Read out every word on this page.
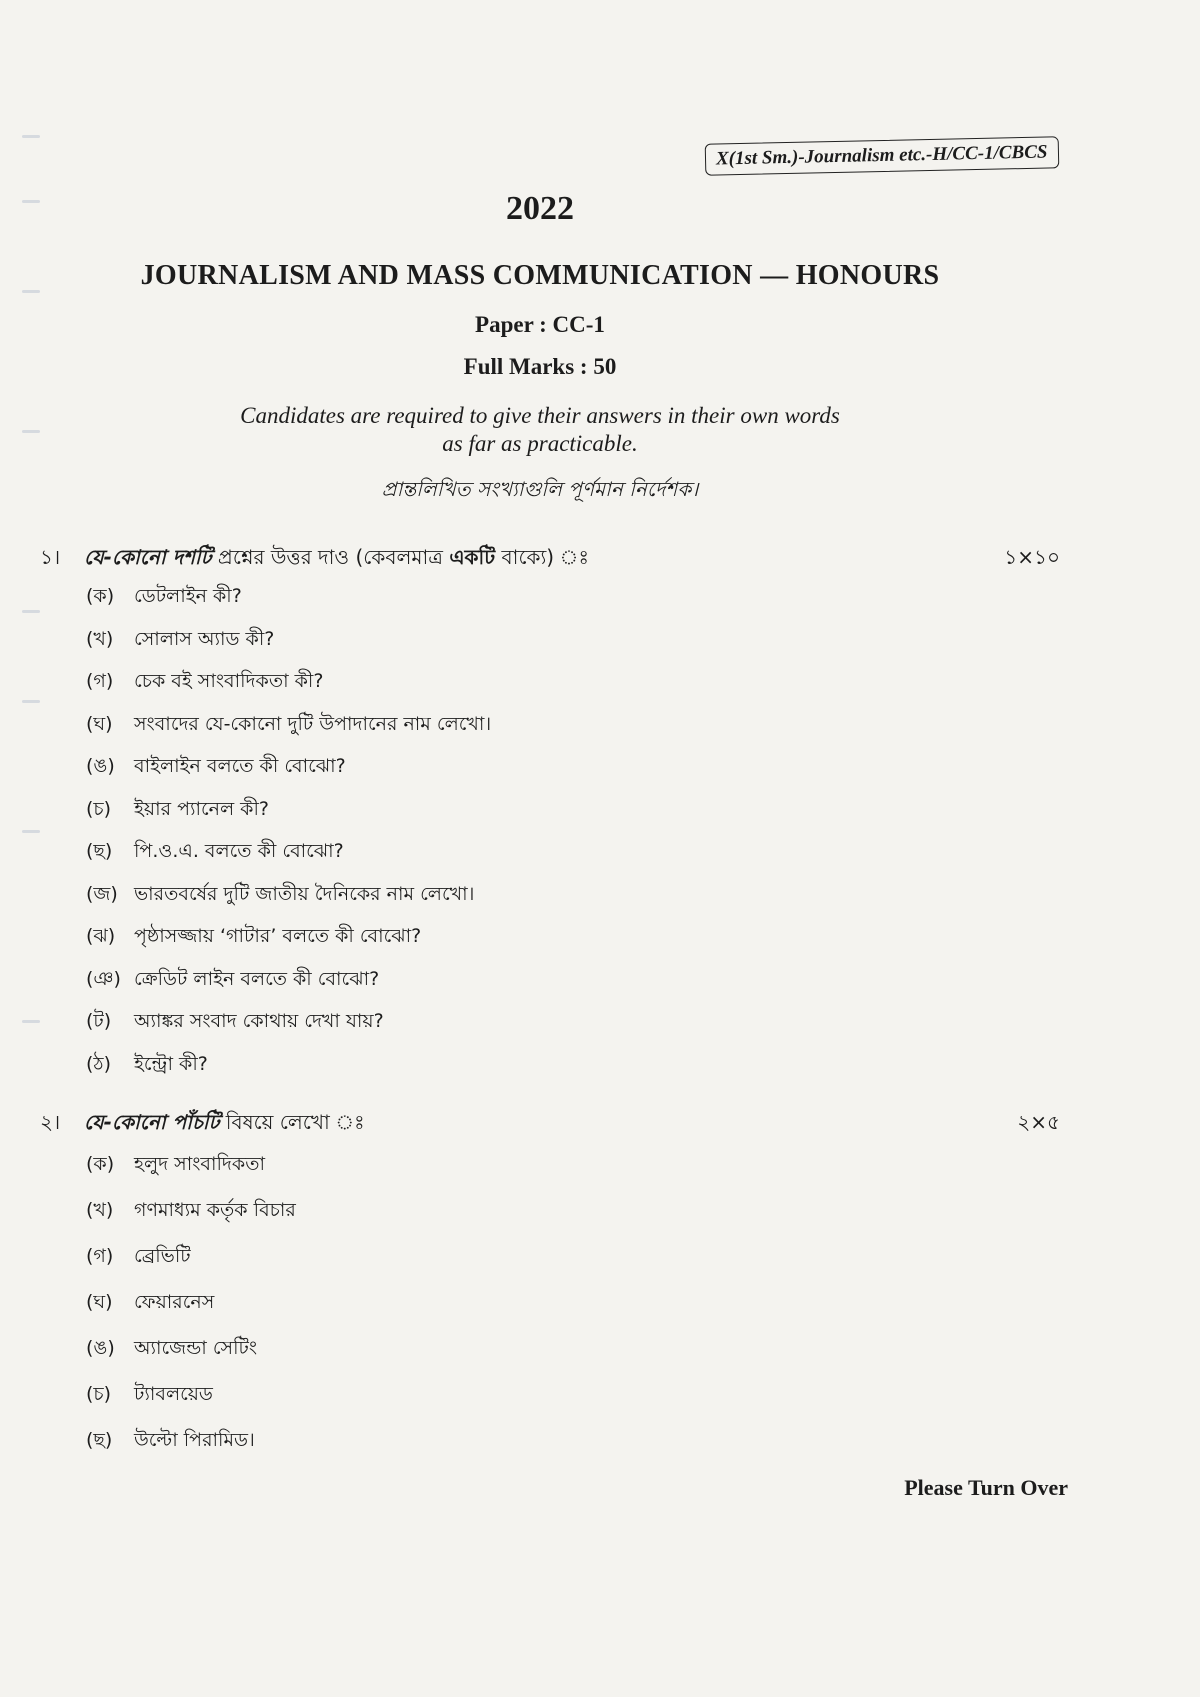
X(1st Sm.)-Journalism etc.-H/CC-1/CBCS
2022
JOURNALISM AND MASS COMMUNICATION — HONOURS
Paper : CC-1
Full Marks : 50
Candidates are required to give their answers in their own words
as far as practicable.
প্রান্তলিখিত সংখ্যাগুলি পূর্ণমান নির্দেশক।
১। যে-কোনো দশটি প্রশ্নের উত্তর দাও (কেবলমাত্র একটি বাক্যে) ঃ	১×১০
(ক)	ডেটলাইন কী?
(খ)	সোলাস অ্যাড কী?
(গ)	চেক বই সাংবাদিকতা কী?
(ঘ)	সংবাদের যে-কোনো দুটি উপাদানের নাম লেখো।
(ঙ)	বাইলাইন বলতে কী বোঝো?
(চ)	ইয়ার প্যানেল কী?
(ছ)	পি.ও.এ. বলতে কী বোঝো?
(জ) ভারতবর্ষের দুটি জাতীয় দৈনিকের নাম লেখো।
(ঝ) পৃষ্ঠাসজ্জায় ‘গাটার’ বলতে কী বোঝো?
(ঞ) ক্রেডিট লাইন বলতে কী বোঝো?
(ট)	অ্যাঙ্কর সংবাদ কোথায় দেখা যায়?
(ঠ)	ইন্ট্রো কী?
২। যে-কোনো পাঁচটি বিষয়ে লেখো ঃ	২×৫
(ক)	হলুদ সাংবাদিকতা
(খ)	গণমাধ্যম কর্তৃক বিচার
(গ)	ব্রেভিটি
(ঘ)	ফেয়ারনেস
(ঙ)	অ্যাজেন্ডা সেটিং
(চ)	ট্যাবলয়েড
(ছ)	উল্টো পিরামিড।
Please Turn Over
